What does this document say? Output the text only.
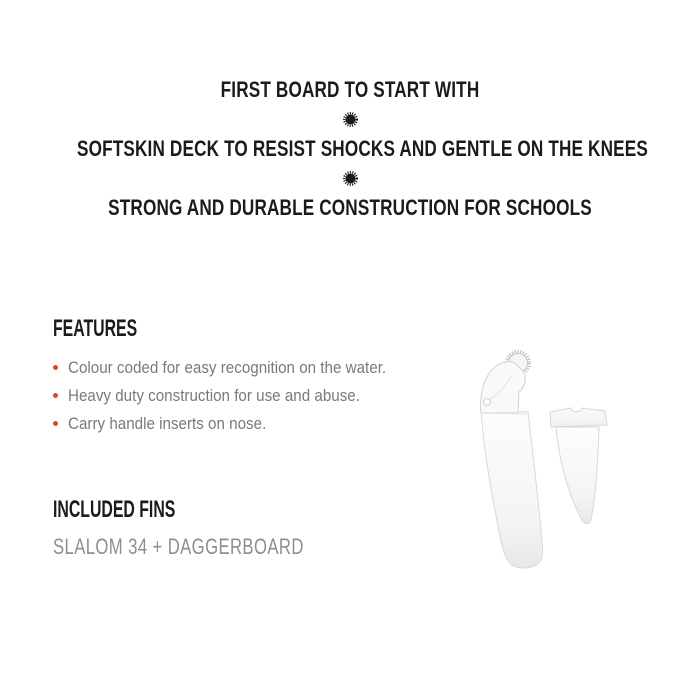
FIRST BOARD TO START WITH
SOFTSKIN DECK TO RESIST SHOCKS AND GENTLE ON THE KNEES
STRONG AND DURABLE CONSTRUCTION FOR SCHOOLS
FEATURES
Colour coded for easy recognition on the water.
Heavy duty construction for use and abuse.
Carry handle inserts on nose.
INCLUDED FINS
SLALOM 34 + DAGGERBOARD
